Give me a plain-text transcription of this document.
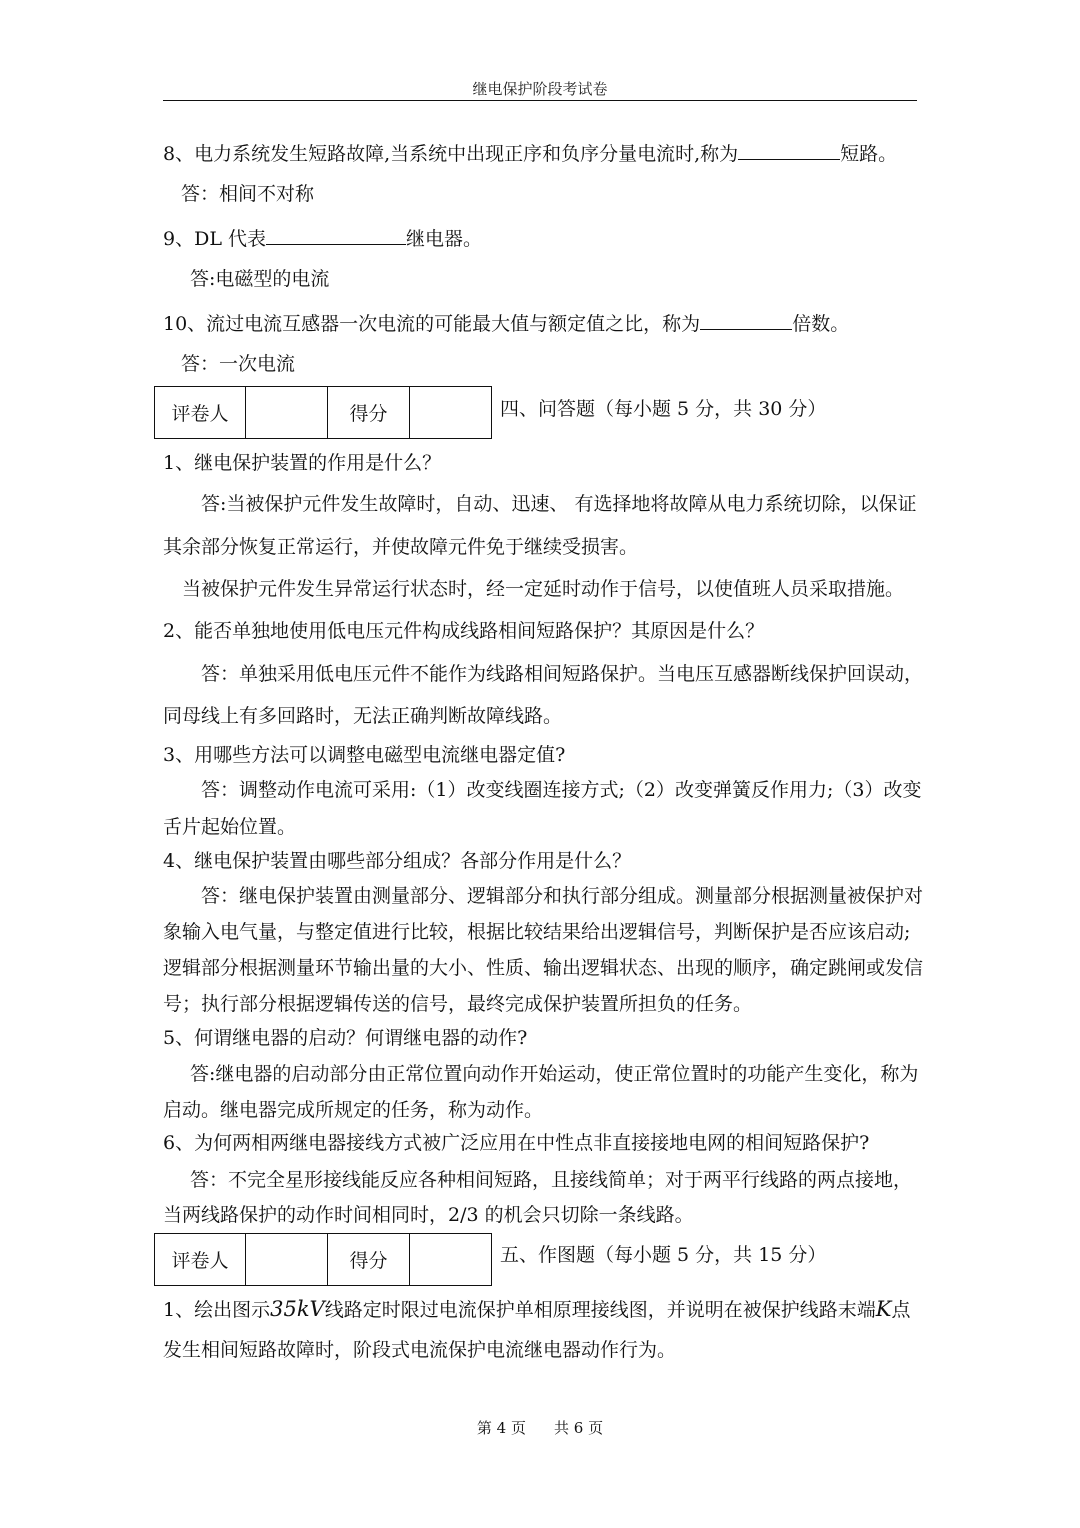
继电保护阶段考试卷
8、电力系统发生短路故障,当系统中出现正序和负序分量电流时,称为	短路。
答：相间不对称
9、DL 代表	继电器。
答:电磁型的电流
10、流过电流互感器一次电流的可能最大值与额定值之比，称为	倍数。
答：一次电流
评卷人		得分		四、问答题（每小题 5 分，共 30 分）
1、继电保护装置的作用是什么？
答:当被保护元件发生故障时，自动、迅速、 有选择地将故障从电力系统切除，以保证
其余部分恢复正常运行，并使故障元件免于继续受损害。
当被保护元件发生异常运行状态时，经一定延时动作于信号，以使值班人员采取措施。
2、能否单独地使用低电压元件构成线路相间短路保护？其原因是什么？
答：单独采用低电压元件不能作为线路相间短路保护。当电压互感器断线保护回误动，
同母线上有多回路时，无法正确判断故障线路。
3、用哪些方法可以调整电磁型电流继电器定值?
答：调整动作电流可采用:（1）改变线圈连接方式;（2）改变弹簧反作用力;（3）改变
舌片起始位置。
4、继电保护装置由哪些部分组成？各部分作用是什么？
答：继电保护装置由测量部分、逻辑部分和执行部分组成。测量部分根据测量被保护对
象输入电气量，与整定值进行比较，根据比较结果给出逻辑信号，判断保护是否应该启动;
逻辑部分根据测量环节输出量的大小、性质、输出逻辑状态、出现的顺序，确定跳闸或发信
号；执行部分根据逻辑传送的信号，最终完成保护装置所担负的任务。
5、何谓继电器的启动？何谓继电器的动作?
答:继电器的启动部分由正常位置向动作开始运动，使正常位置时的功能产生变化，称为
启动。继电器完成所规定的任务，称为动作。
6、为何两相两继电器接线方式被广泛应用在中性点非直接接地电网的相间短路保护?
答：不完全星形接线能反应各种相间短路，且接线简单；对于两平行线路的两点接地，
当两线路保护的动作时间相同时，2/3 的机会只切除一条线路。
评卷人		得分		五、作图题（每小题 5 分，共 15 分）
1、绘出图示35kV线路定时限过电流保护单相原理接线图，并说明在被保护线路末端K点
发生相间短路故障时，阶段式电流保护电流继电器动作行为。
第 4 页 共 6 页
